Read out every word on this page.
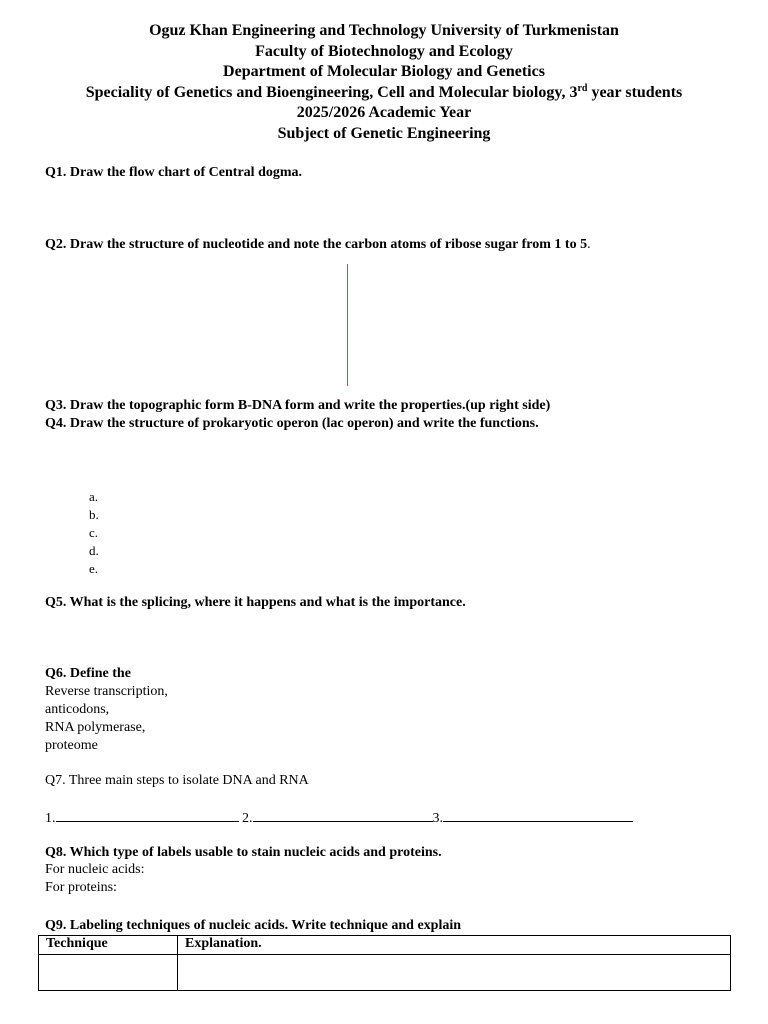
Oguz Khan Engineering and Technology University of Turkmenistan
Faculty of Biotechnology and Ecology
Department of Molecular Biology and Genetics
Speciality of Genetics and Bioengineering, Cell and Molecular biology, 3rd year students
2025/2026 Academic Year
Subject of Genetic Engineering
Q1. Draw the flow chart of Central dogma.
Q2. Draw the structure of nucleotide and note the carbon atoms of ribose sugar from 1 to 5.
Q3. Draw the topographic form B-DNA form and write the properties.(up right side)
Q4. Draw the structure of prokaryotic operon (lac operon) and write the functions.
a.
b.
c.
d.
e.
Q5. What is the splicing, where it happens and what is the importance.
Q6. Define the
Reverse transcription,
anticodons,
RNA polymerase,
proteome
Q7. Three main steps to isolate DNA and RNA
1.	2.	3.
Q8. Which type of labels usable to stain nucleic acids and proteins.
For nucleic acids:
For proteins:
Q9. Labeling techniques of nucleic acids. Write technique and explain
Technique	Explanation.
